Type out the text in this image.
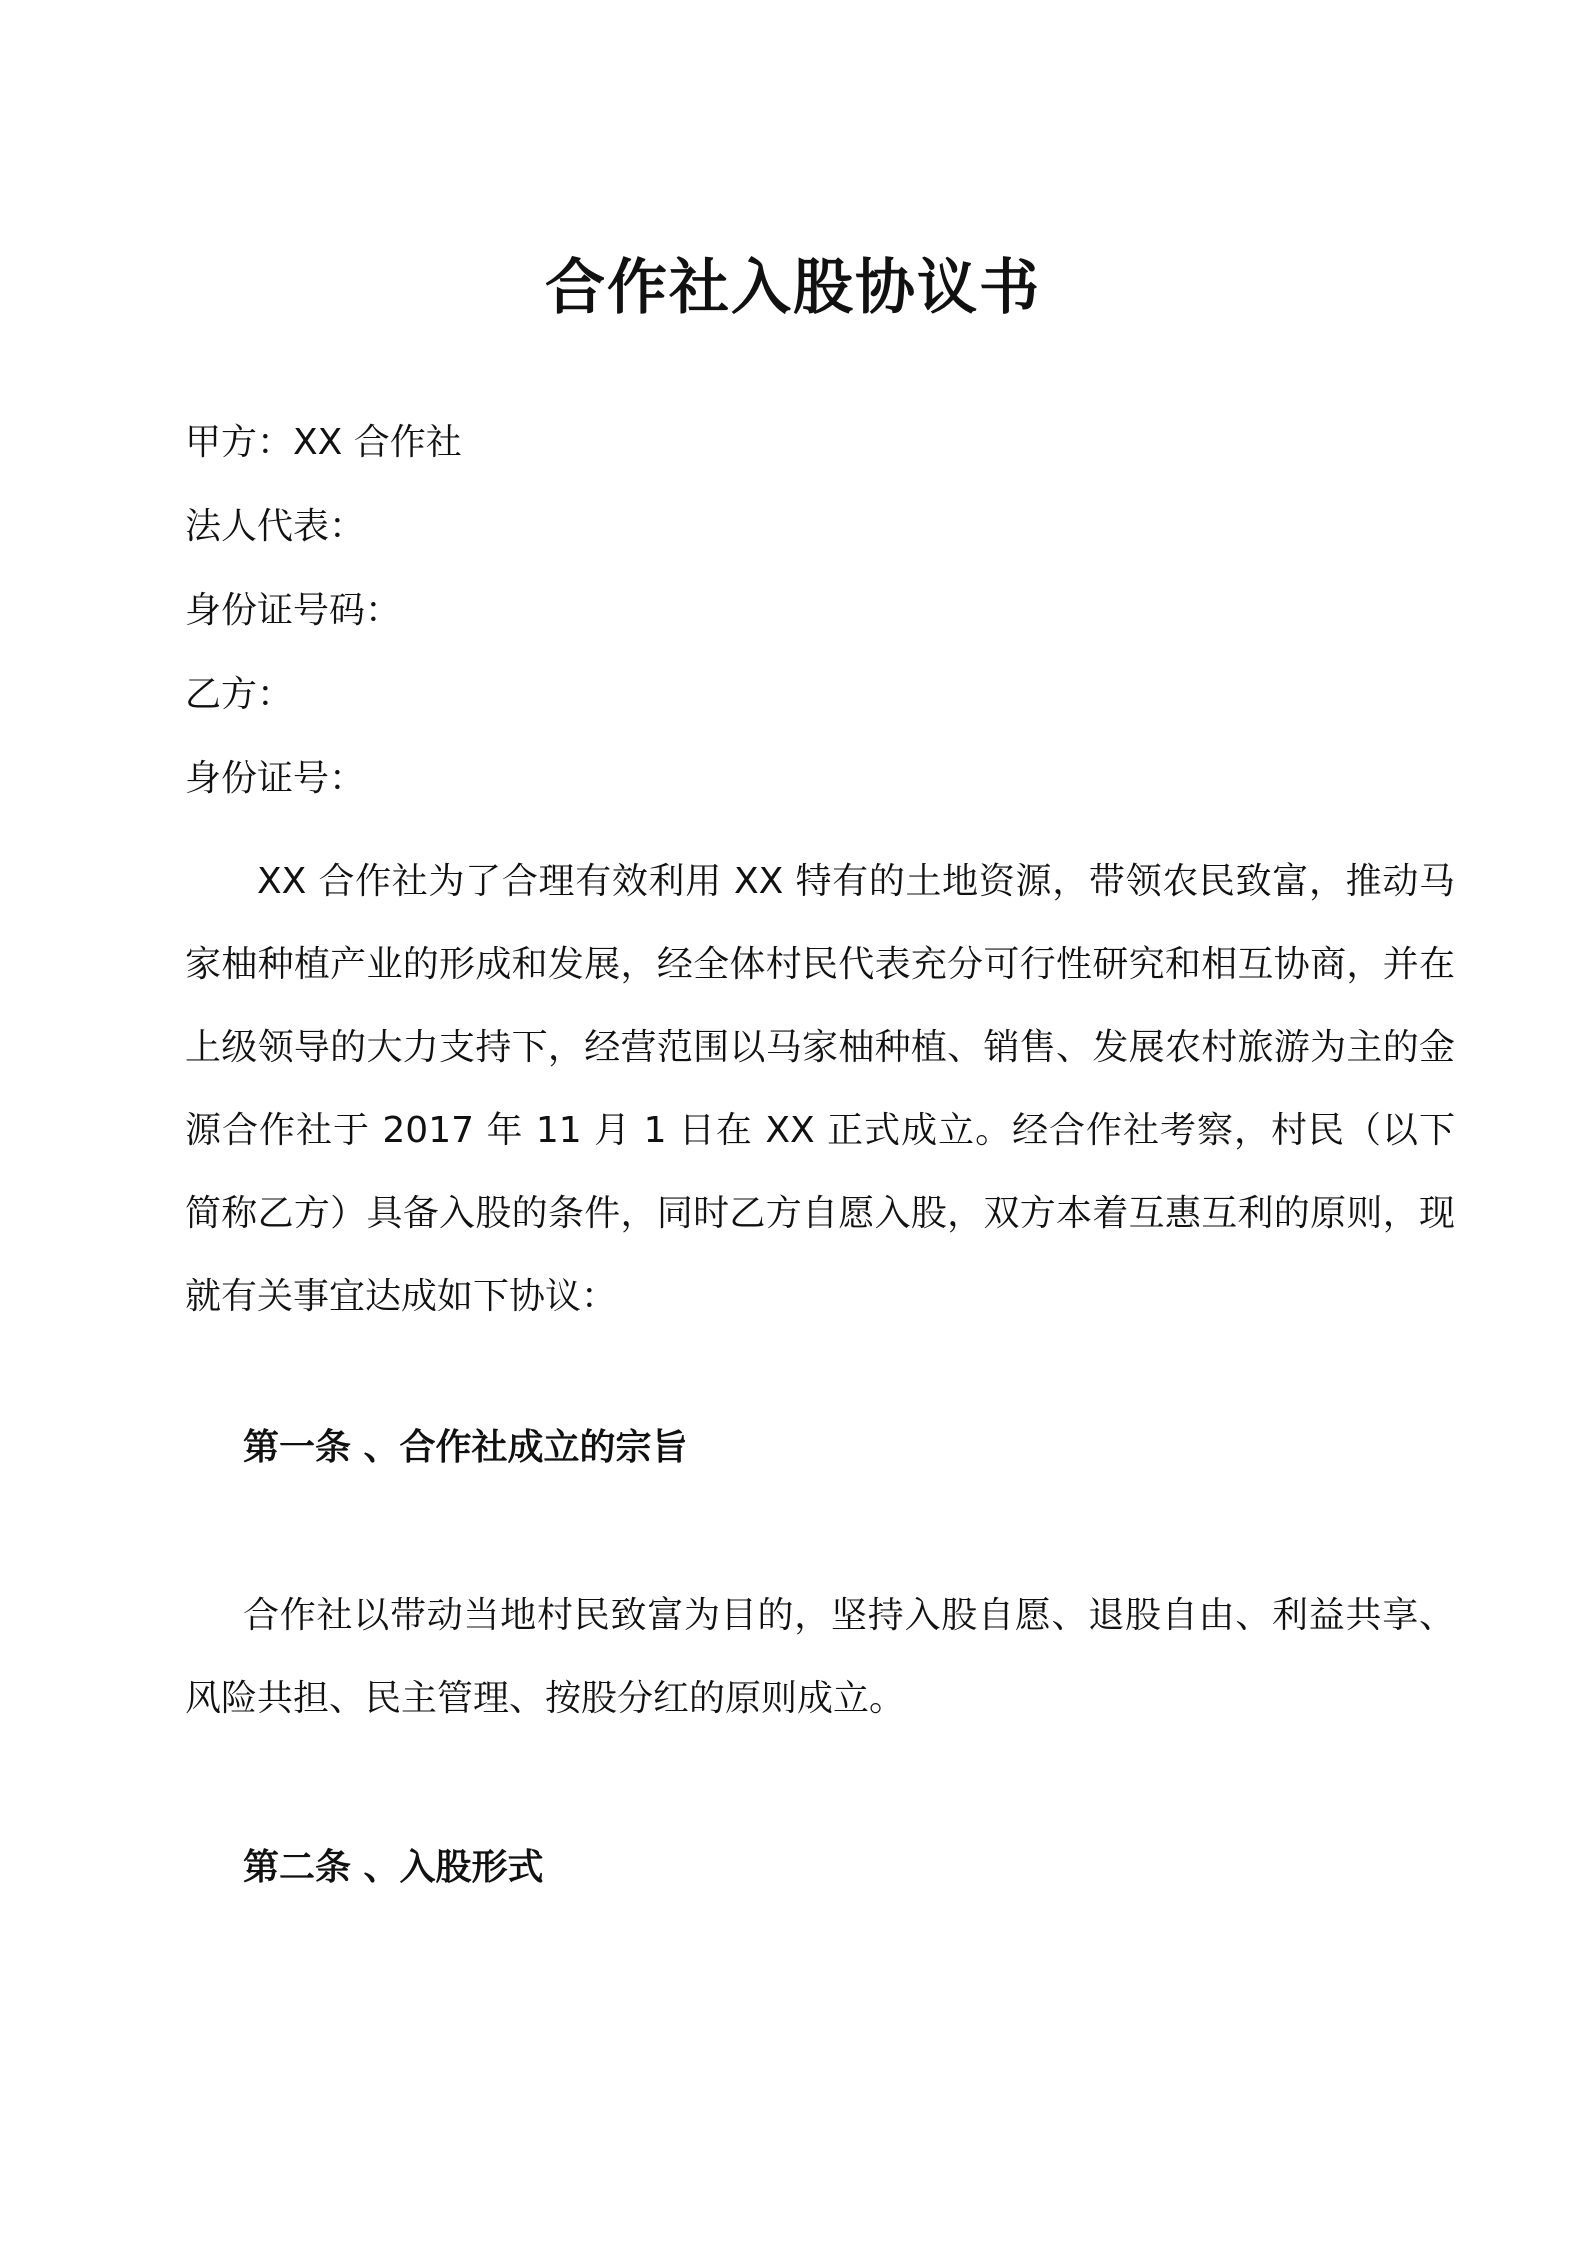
合作社入股协议书
甲方：XX 合作社
法人代表：
身份证号码：
乙方：
身份证号：
XX 合作社为了合理有效利用 XX 特有的土地资源，带领农民致富，推动马家柚种植产业的形成和发展，经全体村民代表充分可行性研究和相互协商，并在上级领导的大力支持下，经营范围以马家柚种植、销售、发展农村旅游为主的金源合作社于 2017 年 11 月 1 日在 XX 正式成立。经合作社考察，村民（以下简称乙方）具备入股的条件，同时乙方自愿入股，双方本着互惠互利的原则，现就有关事宜达成如下协议：
第一条 、合作社成立的宗旨
合作社以带动当地村民致富为目的，坚持入股自愿、退股自由、利益共享、风险共担、民主管理、按股分红的原则成立。
第二条 、入股形式
